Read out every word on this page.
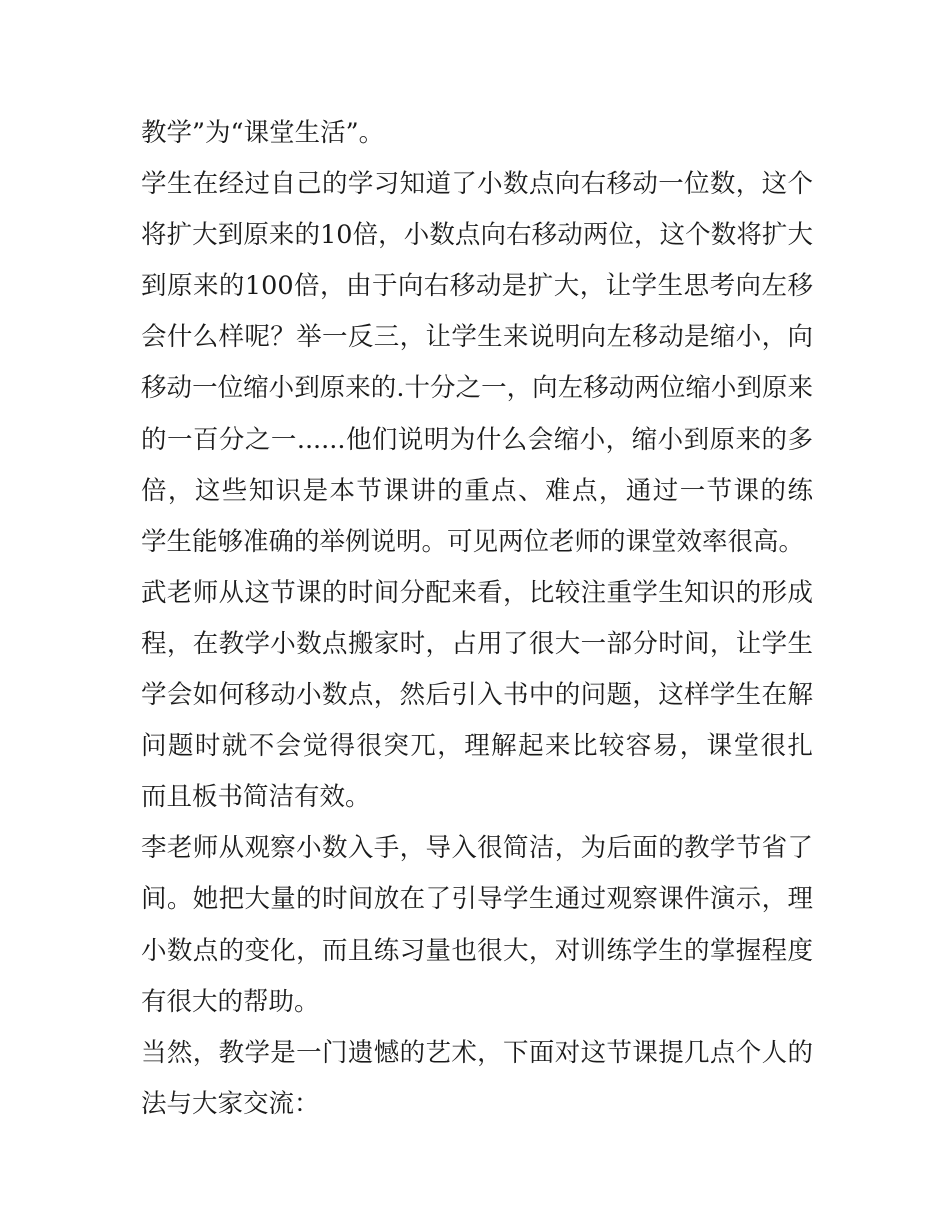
教学”为“课堂生活”。
学生在经过自己的学习知道了小数点向右移动一位数，这个
将扩大到原来的10倍，小数点向右移动两位，这个数将扩大
到原来的100倍，由于向右移动是扩大，让学生思考向左移
会什么样呢？举一反三，让学生来说明向左移动是缩小，向
移动一位缩小到原来的.十分之一，向左移动两位缩小到原来
的一百分之一......他们说明为什么会缩小，缩小到原来的多
倍，这些知识是本节课讲的重点、难点，通过一节课的练
学生能够准确的举例说明。可见两位老师的课堂效率很高。
武老师从这节课的时间分配来看，比较注重学生知识的形成
程，在教学小数点搬家时，占用了很大一部分时间，让学生
学会如何移动小数点，然后引入书中的问题，这样学生在解
问题时就不会觉得很突兀，理解起来比较容易，课堂很扎
而且板书简洁有效。
李老师从观察小数入手，导入很简洁，为后面的教学节省了
间。她把大量的时间放在了引导学生通过观察课件演示，理
小数点的变化，而且练习量也很大，对训练学生的掌握程度
有很大的帮助。
当然，教学是一门遗憾的艺术，下面对这节课提几点个人的
法与大家交流：
